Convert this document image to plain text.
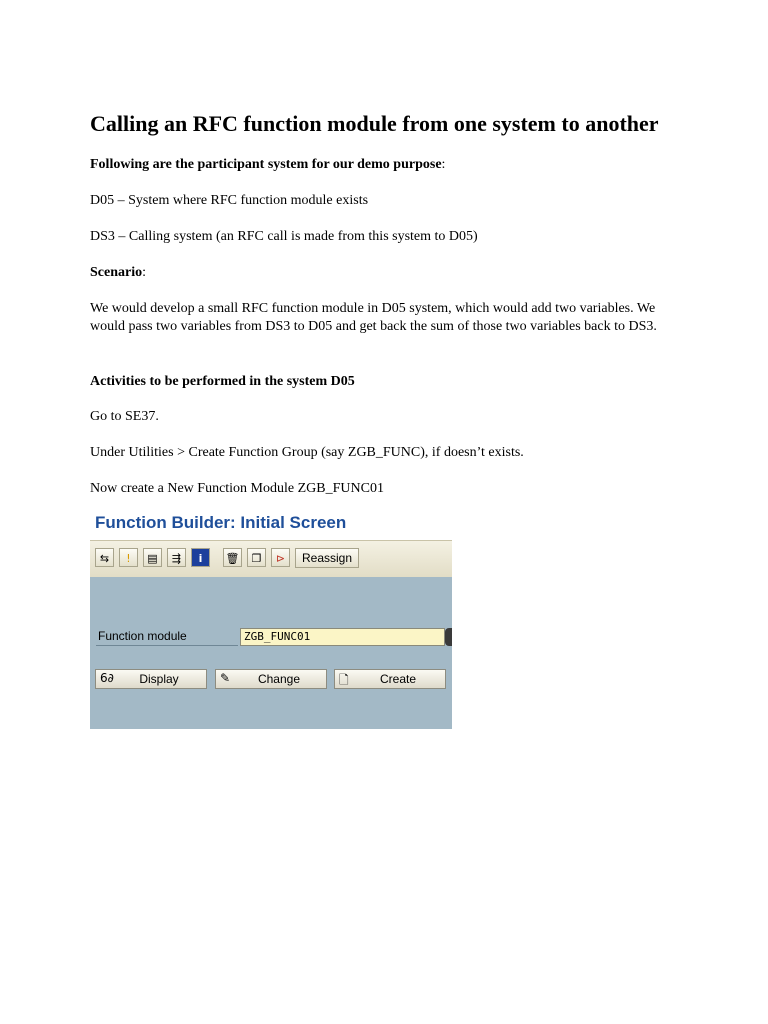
Calling an RFC function module from one system to another
Following are the participant system for our demo purpose:
D05 – System where RFC function module exists
DS3 – Calling system (an RFC call is made from this system to D05)
Scenario:
We would develop a small RFC function module in D05 system, which would add two variables. We would pass two variables from DS3 to D05 and get back the sum of those two variables back to DS3.
Activities to be performed in the system D05
Go to SE37.
Under Utilities > Create Function Group (say ZGB_FUNC), if doesn’t exists.
Now create a New Function Module ZGB_FUNC01
Function Builder: Initial Screen
⇆	!	▤	⇶	i	🗑	❐	⊳	Reassign
Function module	ZGB_FUNC01
6∂	Display	✎	Change	🗋	Create
